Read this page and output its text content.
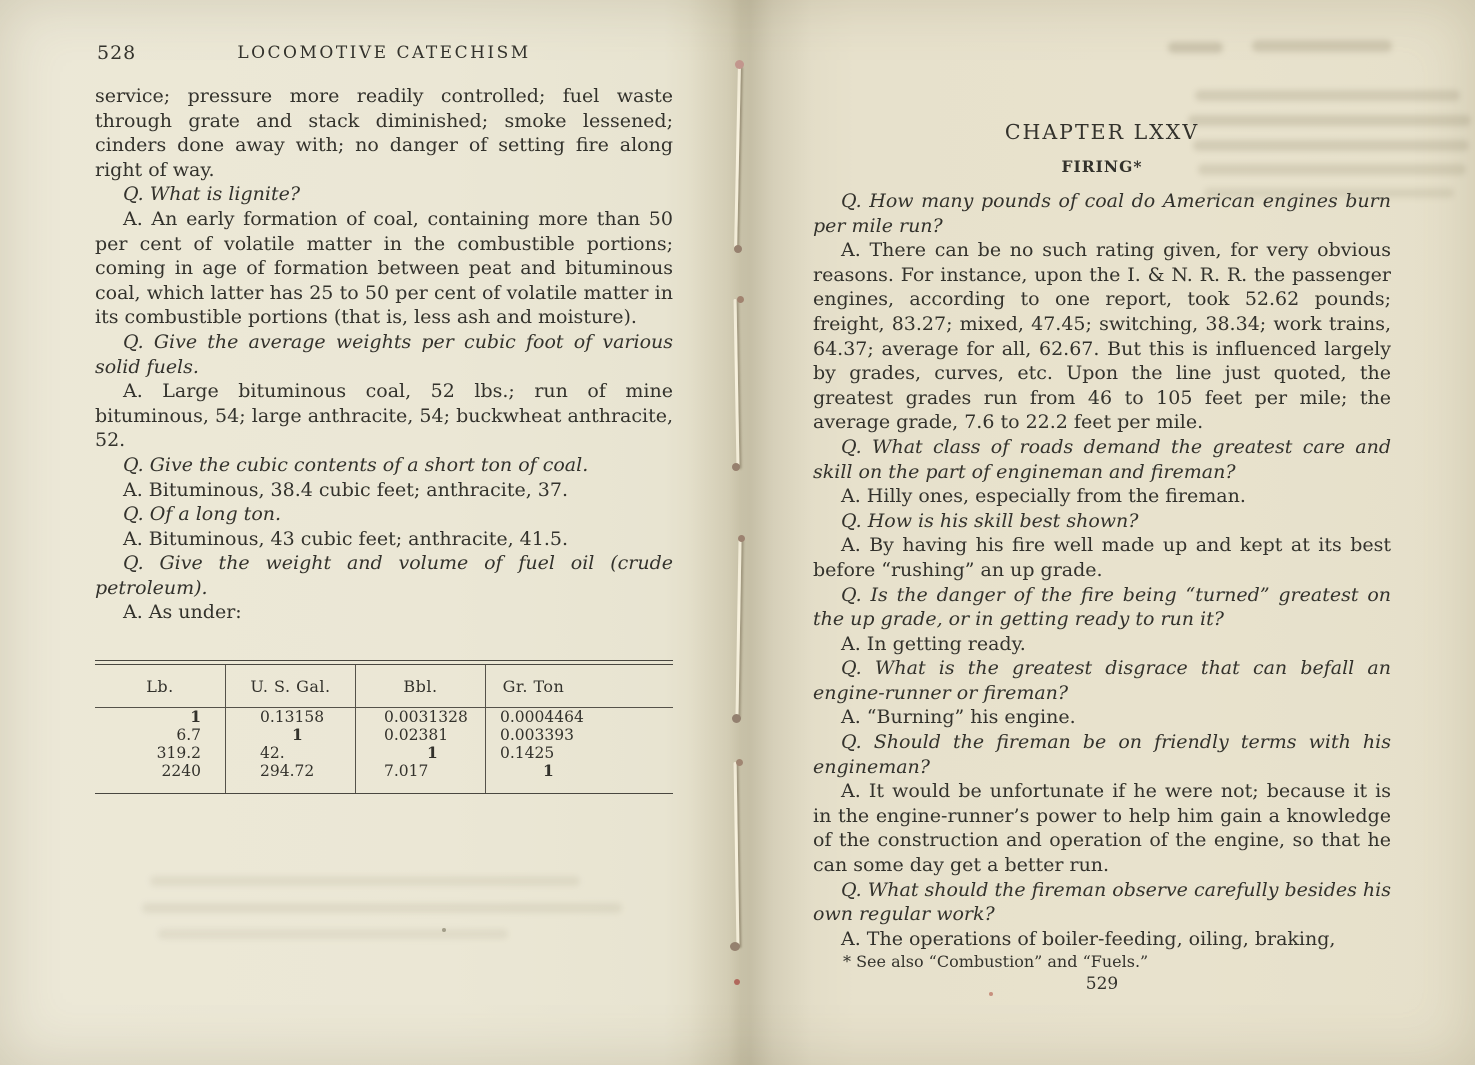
528	LOCOMOTIVE CATECHISM

service; pressure more readily controlled; fuel waste through grate and stack diminished; smoke lessened; cinders done away with; no danger of setting fire along right of way.

Q. What is lignite?

A. An early formation of coal, containing more than 50 per cent of volatile matter in the combustible portions; coming in age of formation between peat and bituminous coal, which latter has 25 to 50 per cent of volatile matter in its combustible portions (that is, less ash and moisture).

Q. Give the average weights per cubic foot of various solid fuels.

A. Large bituminous coal, 52 lbs.; run of mine bituminous, 54; large anthracite, 54; buckwheat anthracite, 52.

Q. Give the cubic contents of a short ton of coal.

A. Bituminous, 38.4 cubic feet; anthracite, 37.

Q. Of a long ton.

A. Bituminous, 43 cubic feet; anthracite, 41.5.

Q. Give the weight and volume of fuel oil (crude petroleum).

A. As under:

Lb.
1
6.7
319.2
2240
U. S. Gal.
0.13158
1
42.
294.72
Bbl.
0.0031328
0.02381
1
7.017
Gr. Ton
0.0004464
0.003393
0.1425
1
CHAPTER LXXV
FIRING*

Q. How many pounds of coal do American engines burn per mile run?

A. There can be no such rating given, for very obvious reasons. For instance, upon the I. & N. R. R. the passenger engines, according to one report, took 52.62 pounds; freight, 83.27; mixed, 47.45; switching, 38.34; work trains, 64.37; average for all, 62.67. But this is influenced largely by grades, curves, etc. Upon the line just quoted, the greatest grades run from 46 to 105 feet per mile; the average grade, 7.6 to 22.2 feet per mile.

Q. What class of roads demand the greatest care and skill on the part of engineman and fireman?

A. Hilly ones, especially from the fireman.

Q. How is his skill best shown?

A. By having his fire well made up and kept at its best before “rushing” an up grade.

Q. Is the danger of the fire being “turned” greatest on the up grade, or in getting ready to run it?

A. In getting ready.

Q. What is the greatest disgrace that can befall an engine-runner or fireman?

A. “Burning” his engine.

Q. Should the fireman be on friendly terms with his engineman?

A. It would be unfortunate if he were not; because it is in the engine-runner’s power to help him gain a knowledge of the construction and operation of the engine, so that he can some day get a better run.

Q. What should the fireman observe carefully besides his own regular work?

A. The operations of boiler-feeding, oiling, braking,

* See also “Combustion” and “Fuels.”
529
